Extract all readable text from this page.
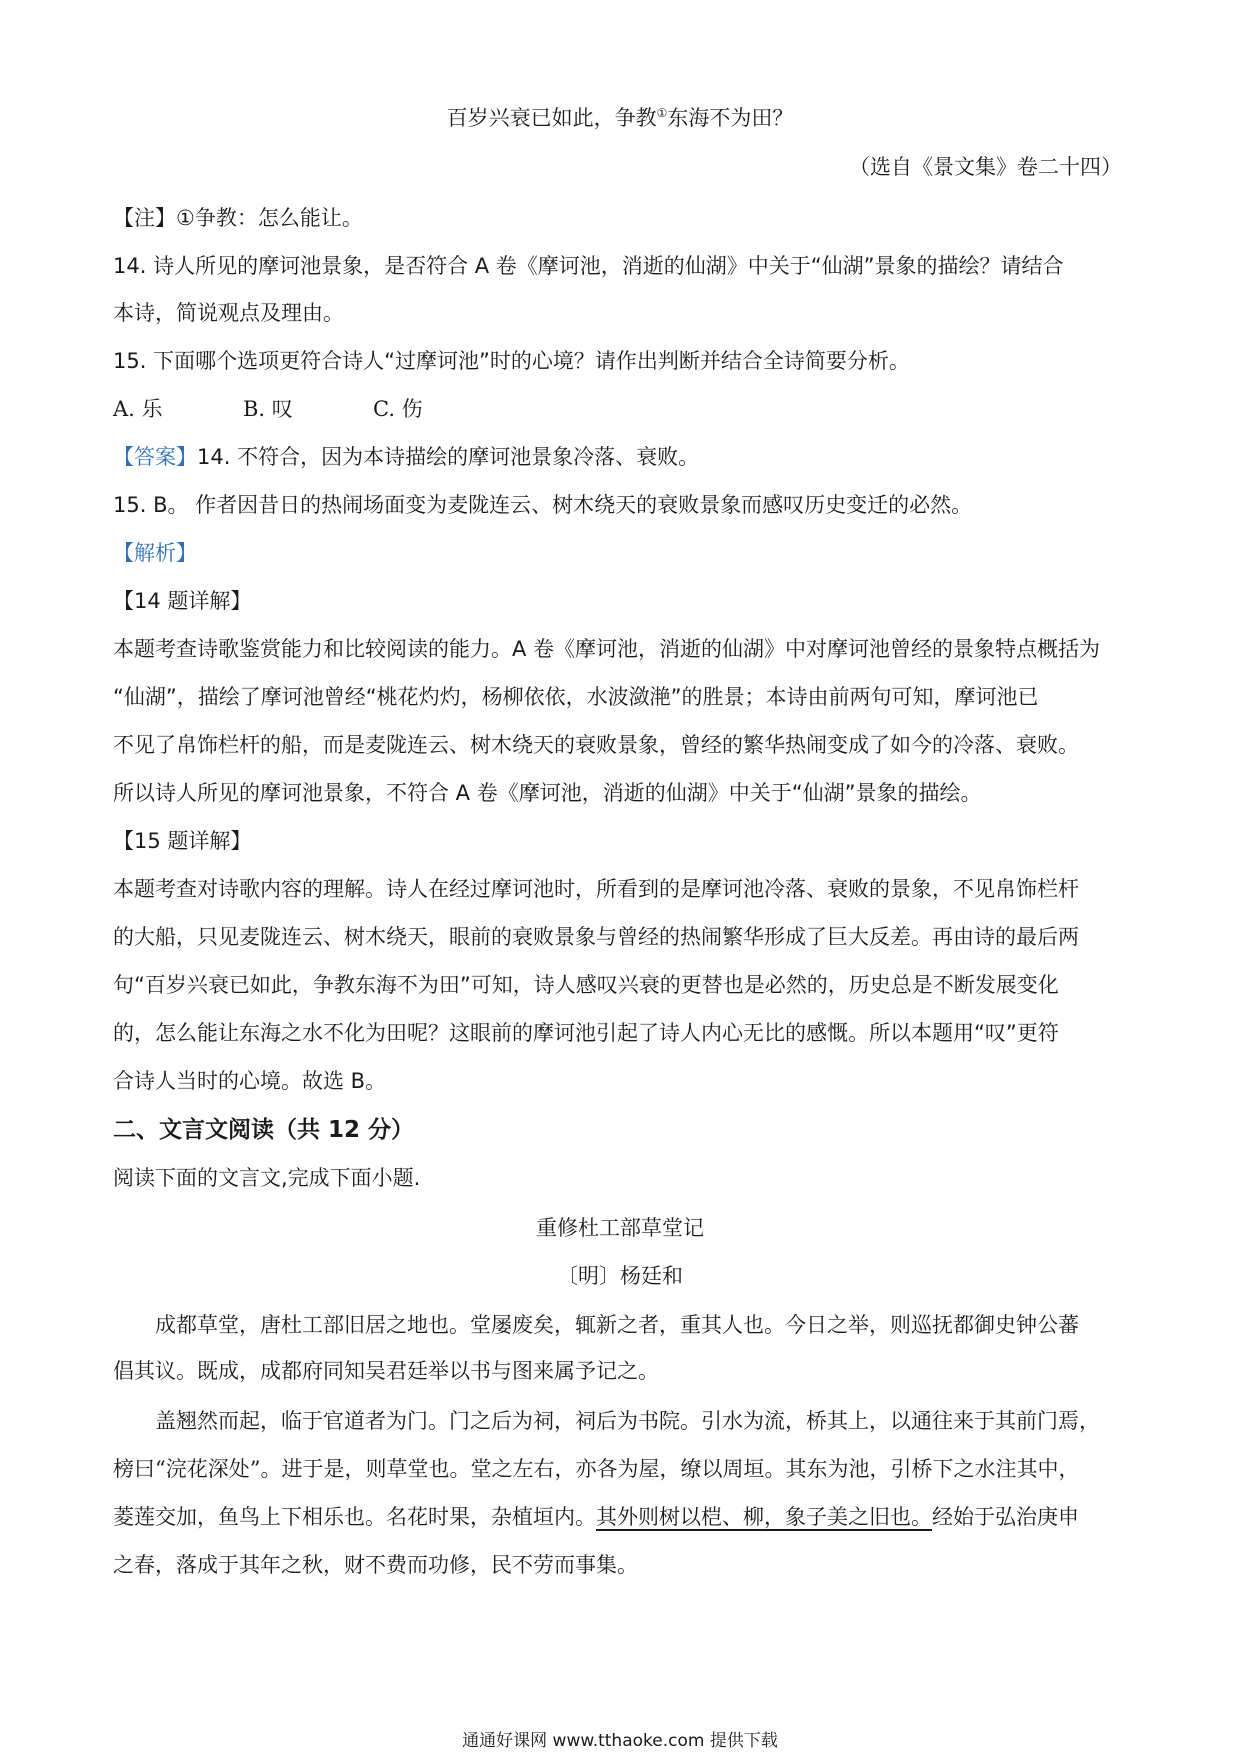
百岁兴衰已如此，争教①东海不为田？
（选自《景文集》卷二十四）
【注】①争教：怎么能让。
14. 诗人所见的摩诃池景象，是否符合 A 卷《摩诃池，消逝的仙湖》中关于“仙湖”景象的描绘？请结合
本诗，简说观点及理由。
15. 下面哪个选项更符合诗人“过摩诃池”时的心境？请作出判断并结合全诗简要分析。
A. 乐	B. 叹	C. 伤
【答案】14. 不符合，因为本诗描绘的摩诃池景象冷落、衰败。
15. B。 作者因昔日的热闹场面变为麦陇连云、树木绕天的衰败景象而感叹历史变迁的必然。
【解析】
【14 题详解】
本题考查诗歌鉴赏能力和比较阅读的能力。A 卷《摩诃池，消逝的仙湖》中对摩诃池曾经的景象特点概括为
“仙湖”，描绘了摩诃池曾经“桃花灼灼，杨柳依依，水波潋滟”的胜景；本诗由前两句可知，摩诃池已
不见了帛饰栏杆的船，而是麦陇连云、树木绕天的衰败景象，曾经的繁华热闹变成了如今的冷落、衰败。
所以诗人所见的摩诃池景象，不符合 A 卷《摩诃池，消逝的仙湖》中关于“仙湖”景象的描绘。
【15 题详解】
本题考查对诗歌内容的理解。诗人在经过摩诃池时，所看到的是摩诃池冷落、衰败的景象，不见帛饰栏杆
的大船，只见麦陇连云、树木绕天，眼前的衰败景象与曾经的热闹繁华形成了巨大反差。再由诗的最后两
句“百岁兴衰已如此，争教东海不为田”可知，诗人感叹兴衰的更替也是必然的，历史总是不断发展变化
的，怎么能让东海之水不化为田呢？这眼前的摩诃池引起了诗人内心无比的感慨。所以本题用“叹”更符
合诗人当时的心境。故选 B。
二、文言文阅读（共 12 分）
阅读下面的文言文,完成下面小题.
重修杜工部草堂记
〔明〕杨廷和
成都草堂，唐杜工部旧居之地也。堂屡废矣，辄新之者，重其人也。今日之举，则巡抚都御史钟公蕃
倡其议。既成，成都府同知吴君廷举以书与图来属予记之。
盖翘然而起，临于官道者为门。门之后为祠，祠后为书院。引水为流，桥其上，以通往来于其前门焉，
榜曰“浣花深处”。进于是，则草堂也。堂之左右，亦各为屋，缭以周垣。其东为池，引桥下之水注其中，
菱莲交加，鱼鸟上下相乐也。名花时果，杂植垣内。其外则树以桤、柳，象子美之旧也。经始于弘治庚申
之春，落成于其年之秋，财不费而功修，民不劳而事集。
通通好课网 www.tthaoke.com 提供下载
